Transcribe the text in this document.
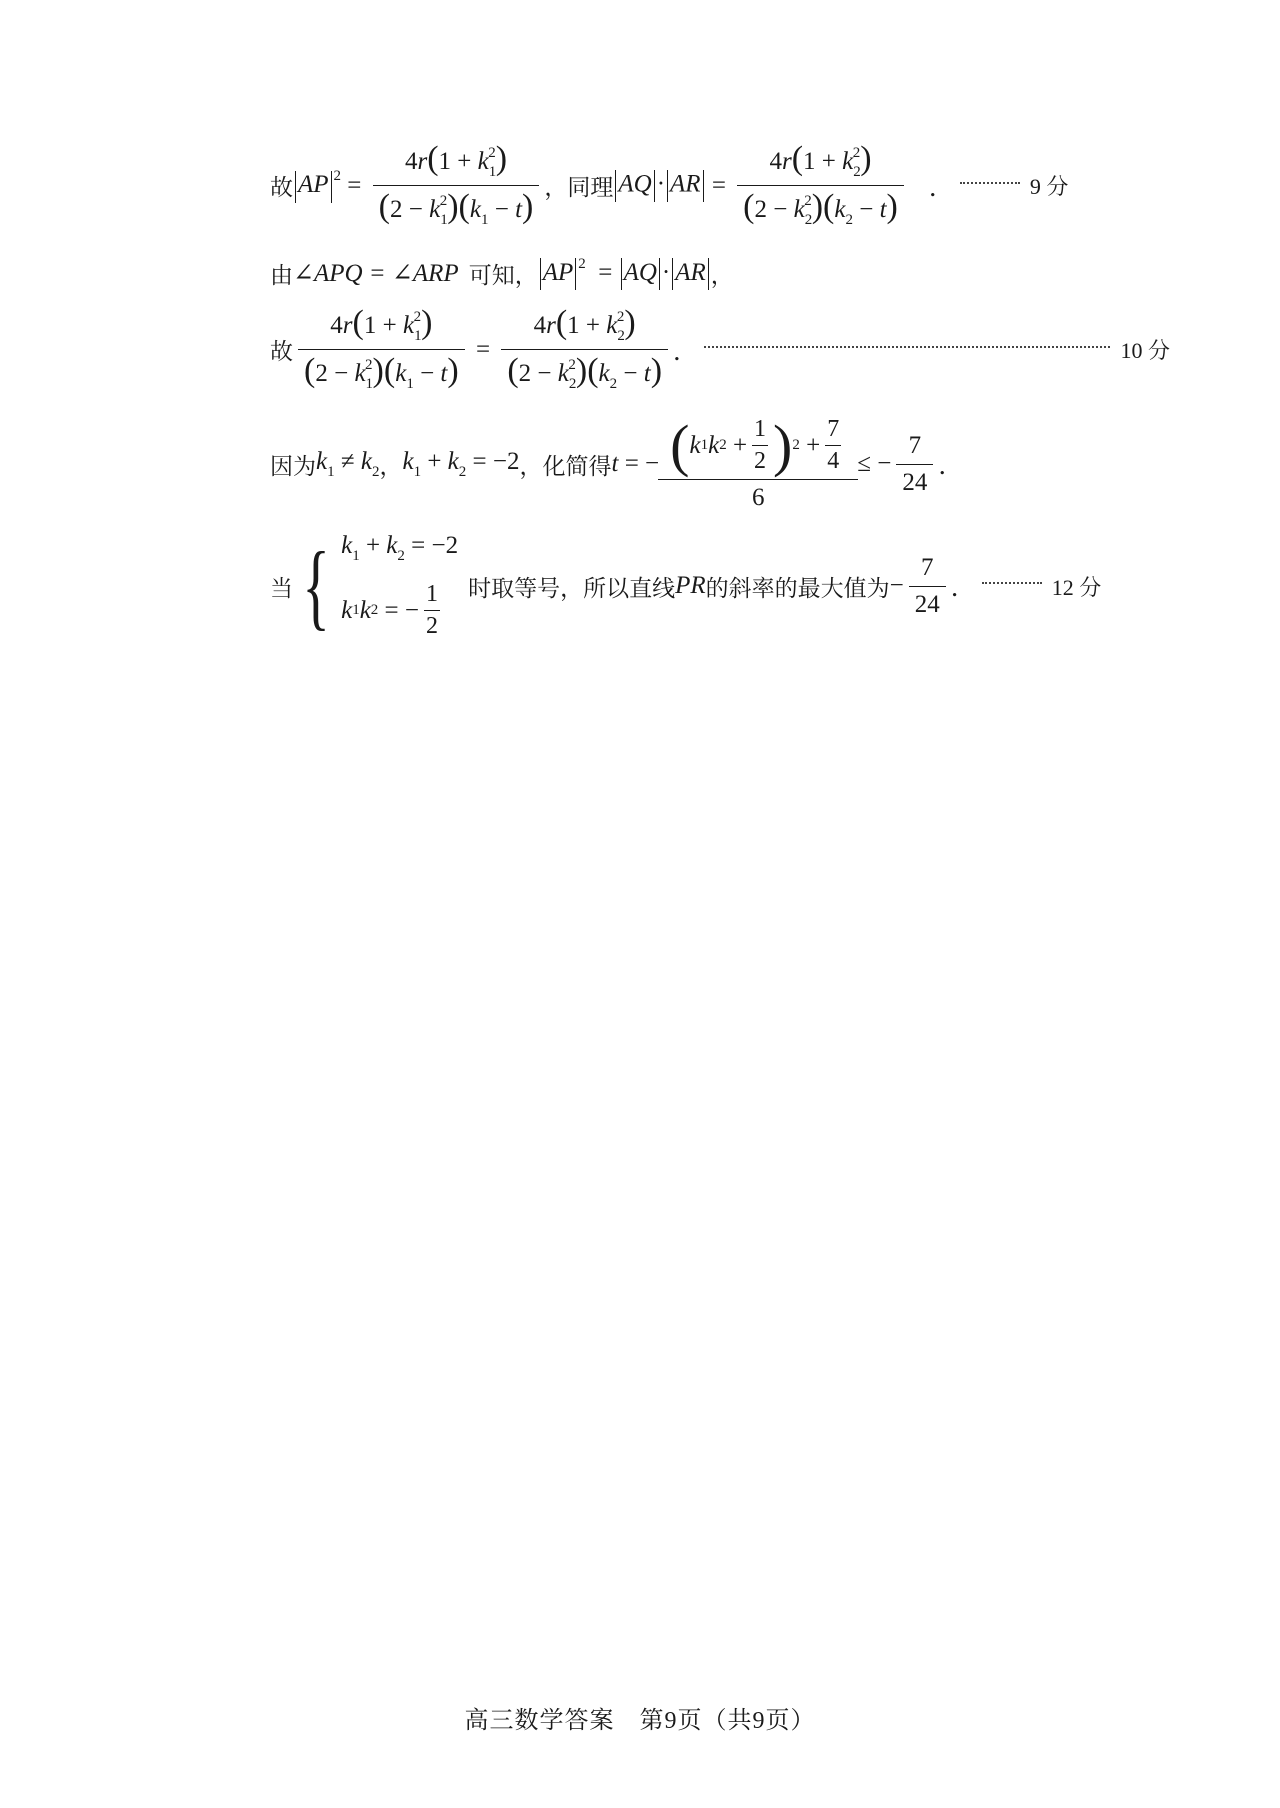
故 AP $^2 = \frac{4r(1 + k_1^2)}{(2 - k_1^2)(k_1 - t)}$ ，同理 AQ · AR = $\frac{4r(1 + k_2^2)}{(2 - k_2^2)(k_2 - t)}$ ．	9 分
由 ∠APQ = ∠ARP 可知， AP $^2$  = AQ · AR ，
故 $\frac{4r(1 + k_1^2)}{(2 - k_1^2)(k_1 - t)} = \frac{4r(1 + k_2^2)}{(2 - k_2^2)(k_2 - t)}$ ．	10 分
因为 $k_1 \ne k_2$ ， $k_1 + k_2 = -2$ ，化简得 t = − $\frac{( k 1 k 2 + \frac{1}{2} ) 2 + \frac{7}{4}}{6}$ ≤ − $\frac{7}{24}$ ．
当 { $k_1 + k_2 = -2$
k 1 k 2 = − $\frac{1}{2}$ 时取等号，所以直线 PR 的斜率的最大值为 − $\frac{7}{24}$ ．	12 分
高三数学答案　第9页（共9页）
